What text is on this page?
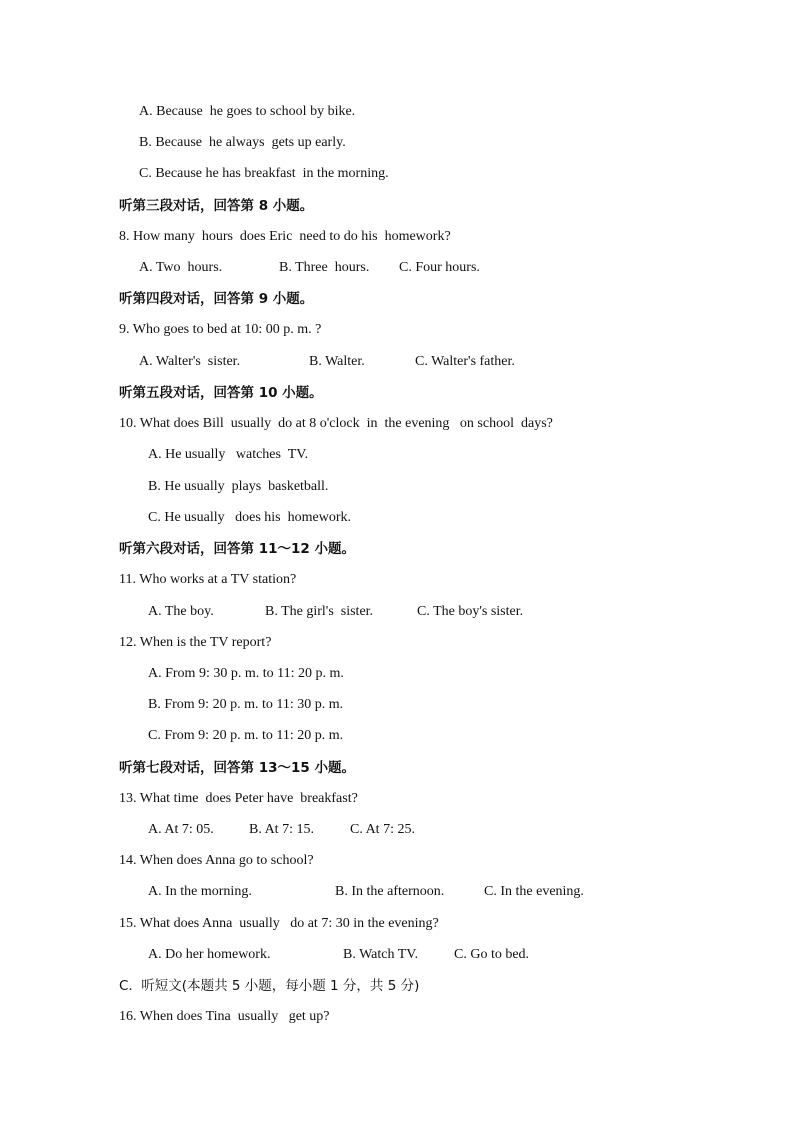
A. Because  he goes to school by bike.
B. Because  he always  gets up early.
C. Because he has breakfast  in the morning.
听第三段对话，回答第 8 小题。
8. How many  hours  does Eric  need to do his  homework?
A. Two  hours.	B. Three  hours. C. Four hours.
听第四段对话，回答第 9 小题。
9. Who goes to bed at 10: 00 p. m. ?
A. Walter's  sister.	B. Walter.	C. Walter's father.
听第五段对话，回答第 10 小题。
10. What does Bill  usually  do at 8 o'clock  in  the evening   on school  days?
A. He usually   watches  TV.
B. He usually  plays  basketball.
C. He usually   does his  homework.
听第六段对话，回答第 11～12 小题。
11. Who works at a TV station?
A. The boy.	B. The girl's  sister.	C. The boy's sister.
12. When is the TV report?
A. From 9: 30 p. m. to 11: 20 p. m.
B. From 9: 20 p. m. to 11: 30 p. m.
C. From 9: 20 p. m. to 11: 20 p. m.
听第七段对话，回答第 13～15 小题。
13. What time  does Peter have  breakfast?
A. At 7: 05.	B. At 7: 15.	C. At 7: 25.
14. When does Anna go to school?
A. In the morning.	B. In the afternoon.	C. In the evening.
15. What does Anna  usually   do at 7: 30 in the evening?
A. Do her homework.	B. Watch TV.	C. Go to bed.
C.  听短文(本题共 5 小题，每小题 1 分，共 5 分)
16. When does Tina  usually   get up?
